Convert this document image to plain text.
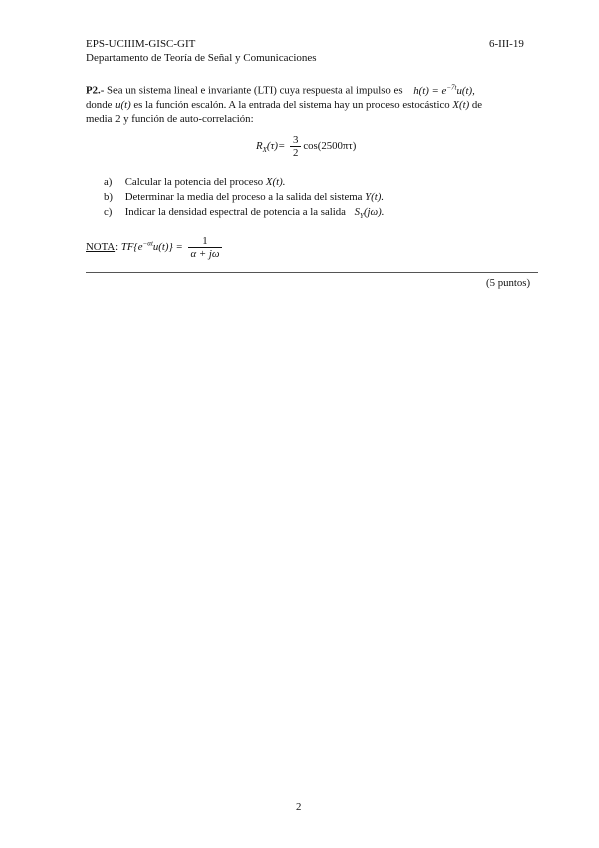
EPS-UCIIIM-GISC-GIT	6-III-19
Departamento de Teoría de Señal y Comunicaciones
P2.- Sea un sistema lineal e invariante (LTI) cuya respuesta al impulso es $h(t) = e^{-7t}u(t)$,
donde u(t) es la función escalón. A la entrada del sistema hay un proceso estocástico X(t) de
media 2 y función de auto-correlación:
$R_X(\tau)= \frac{3}{2} \cos(2500\pi\tau)$
a) Calcular la potencia del proceso X(t).
b) Determinar la media del proceso a la salida del sistema Y(t).
c) Indicar la densidad espectral de potencia a la salida $S_Y(j\omega)$.
NOTA: $TF\{e^{-\alpha t}u(t)\} = \frac{1}{\alpha + j\omega}$
(5 puntos)
2
